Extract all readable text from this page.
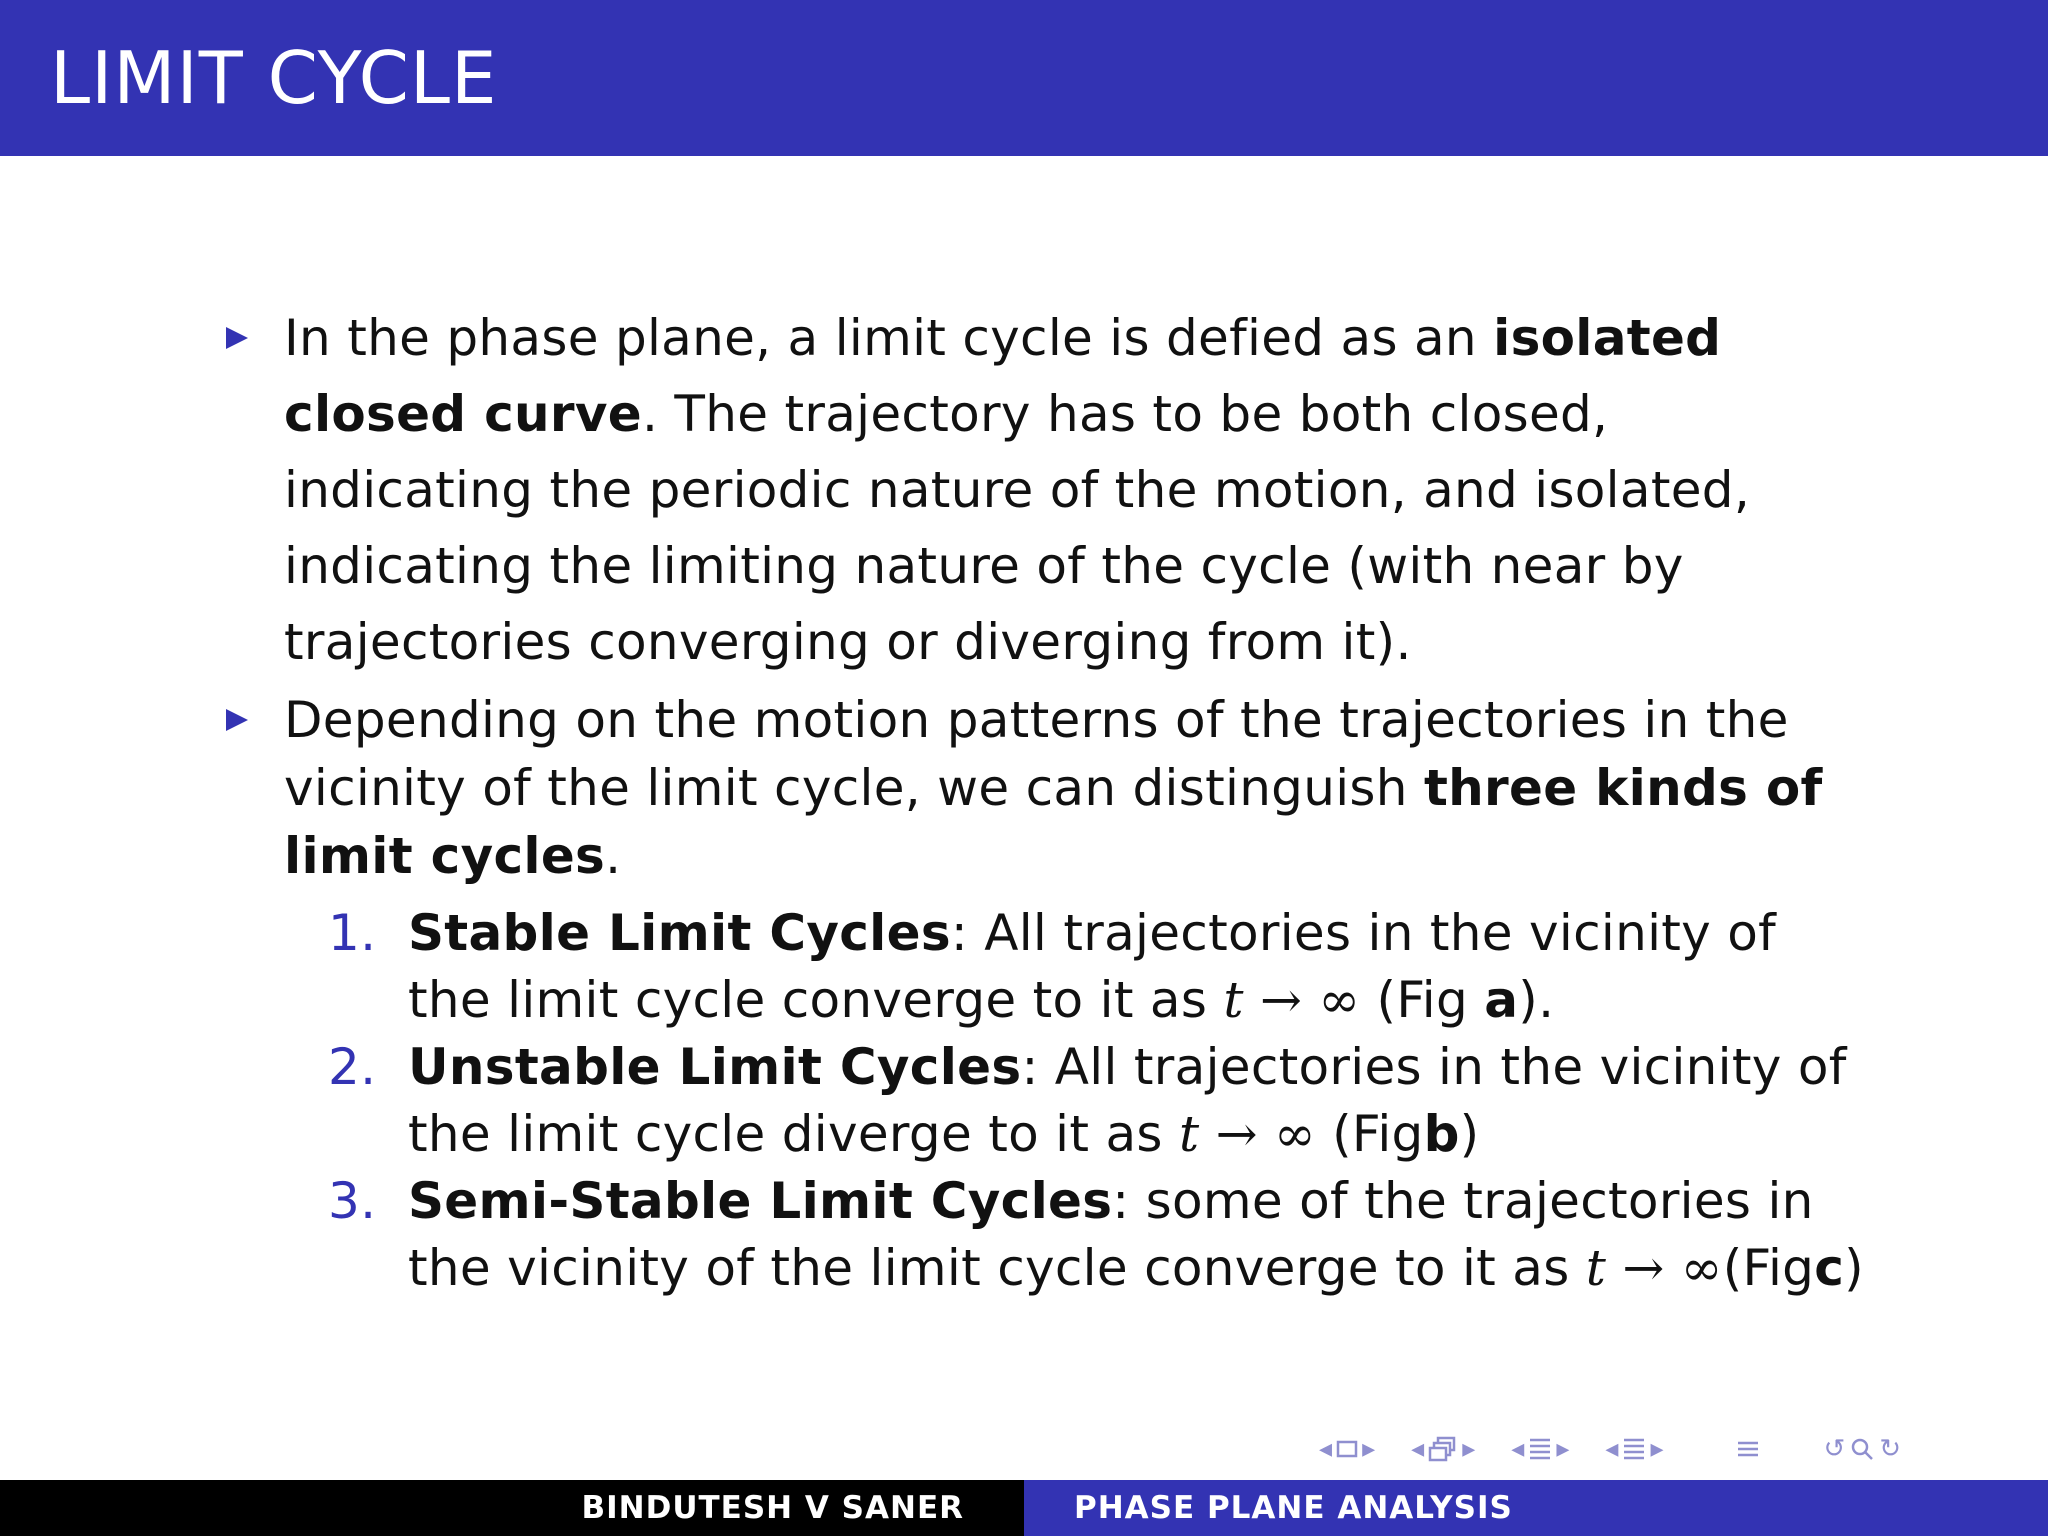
LIMIT CYCLE
In the phase plane, a limit cycle is defied as an isolated closed curve. The trajectory has to be both closed, indicating the periodic nature of the motion, and isolated, indicating the limiting nature of the cycle (with near by trajectories converging or diverging from it).
Depending on the motion patterns of the trajectories in the vicinity of the limit cycle, we can distinguish three kinds of limit cycles.
1. Stable Limit Cycles: All trajectories in the vicinity of the limit cycle converge to it as t → ∞ (Fig a).
2. Unstable Limit Cycles: All trajectories in the vicinity of the limit cycle diverge to it as t → ∞ (Figb)
3. Semi-Stable Limit Cycles: some of the trajectories in the vicinity of the limit cycle converge to it as t → ∞(Figc)
◂ ▸ ◂ ▸ ◂ ▸ ◂ ▸	↺ ↻
BINDUTESH V SANER	PHASE PLANE ANALYSIS
